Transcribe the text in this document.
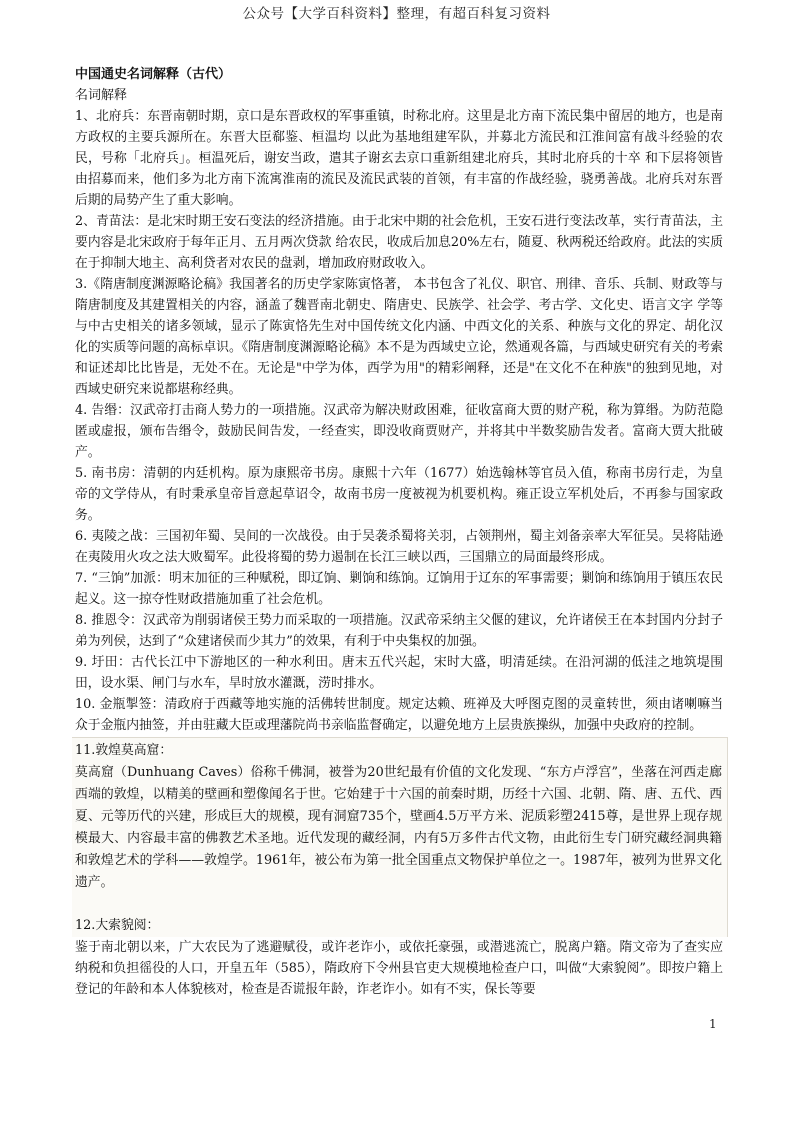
公众号【大学百科资料】整理，有超百科复习资料

中国通史名词解释（古代）

名词解释

1、北府兵：东晋南朝时期，京口是东晋政权的军事重镇，时称北府。这里是北方南下流民集中留居的地方，也是南方政权的主要兵源所在。东晋大臣郗鉴、桓温均 以此为基地组建军队，并募北方流民和江淮间富有战斗经验的农民，号称「北府兵」。桓温死后，谢安当政，遣其子谢玄去京口重新组建北府兵，其时北府兵的十卒 和下层将领皆由招募而来，他们多为北方南下流寓淮南的流民及流民武装的首领，有丰富的作战经验，骁勇善战。北府兵对东晋后期的局势产生了重大影响。

2、青苗法：是北宋时期王安石变法的经济措施。由于北宋中期的社会危机，王安石进行变法改革，实行青苗法，主要内容是北宋政府于每年正月、五月两次贷款 给农民，收成后加息20%左右，随夏、秋两税还给政府。此法的实质在于抑制大地主、高利贷者对农民的盘剥，增加政府财政收入。

3.《隋唐制度渊源略论稿》我国著名的历史学家陈寅恪著， 本书包含了礼仪、职官、刑律、音乐、兵制、财政等与隋唐制度及其建置相关的内容，涵盖了魏晋南北朝史、隋唐史、民族学、社会学、考古学、文化史、语言文字 学等与中古史相关的诸多领域，显示了陈寅恪先生对中国传统文化内涵、中西文化的关系、种族与文化的界定、胡化汉化的实质等问题的高标卓识。《隋唐制度渊源略论稿》本不是为西域史立论，然通观各篇，与西域史研究有关的考索和证述却比比皆是，无处不在。无论是"中学为体，西学为用"的精彩阐释，还是"在文化不在种族"的独到见地，对西域史研究来说都堪称经典。

4. 告缗：汉武帝打击商人势力的一项措施。汉武帝为解决财政困难，征收富商大贾的财产税，称为算缗。为防范隐匿或虚报，颁布告缗令，鼓励民间告发，一经查实，即没收商贾财产，并将其中半数奖励告发者。富商大贾大批破产。

5. 南书房：清朝的内廷机构。原为康熙帝书房。康熙十六年（1677）始选翰林等官员入值，称南书房行走，为皇帝的文学侍从，有时秉承皇帝旨意起草诏令，故南书房一度被视为机要机构。雍正设立军机处后，不再参与国家政务。

6. 夷陵之战：三国初年蜀、吴间的一次战役。由于吴袭杀蜀将关羽，占领荆州，蜀主刘备亲率大军征吴。吴将陆逊在夷陵用火攻之法大败蜀军。此役将蜀的势力遏制在长江三峡以西，三国鼎立的局面最终形成。

7. “三饷”加派：明末加征的三种赋税，即辽饷、剿饷和练饷。辽饷用于辽东的军事需要；剿饷和练饷用于镇压农民起义。这一掠夺性财政措施加重了社会危机。

8. 推恩令：汉武帝为削弱诸侯王势力而采取的一项措施。汉武帝采纳主父偃的建议，允许诸侯王在本封国内分封子弟为列侯，达到了“众建诸侯而少其力”的效果，有利于中央集权的加强。

9. 圩田：古代长江中下游地区的一种水利田。唐末五代兴起，宋时大盛，明清延续。在沿河湖的低洼之地筑堤围田，设水渠、闸门与水车，旱时放水灌溉，涝时排水。

10. 金瓶掣签：清政府于西藏等地实施的活佛转世制度。规定达赖、班禅及大呼图克图的灵童转世，须由诸喇嘛当众于金瓶内抽签，并由驻藏大臣或理藩院尚书亲临监督确定，以避免地方上层贵族操纵，加强中央政府的控制。

11.敦煌莫高窟：

莫高窟（Dunhuang Caves）俗称千佛洞，被誉为20世纪最有价值的文化发现、“东方卢浮宫”，坐落在河西走廊西端的敦煌，以精美的壁画和塑像闻名于世。它始建于十六国的前秦时期，历经十六国、北朝、隋、唐、五代、西夏、元等历代的兴建，形成巨大的规模，现有洞窟735个，壁画4.5万平方米、泥质彩塑2415尊，是世界上现存规模最大、内容最丰富的佛教艺术圣地。近代发现的藏经洞，内有5万多件古代文物，由此衍生专门研究藏经洞典籍和敦煌艺术的学科——敦煌学。1961年，被公布为第一批全国重点文物保护单位之一。1987年，被列为世界文化遗产。

12.大索貌阅：

鉴于南北朝以来，广大农民为了逃避赋役，或许老诈小，或依托豪强，或潜逃流亡，脱离户籍。隋文帝为了查实应纳税和负担徭役的人口，开皇五年（585），隋政府下令州县官吏大规模地检查户口，叫做“大索貌阅”。即按户籍上登记的年龄和本人体貌核对，检查是否谎报年龄，诈老诈小。如有不实，保长等要

1
